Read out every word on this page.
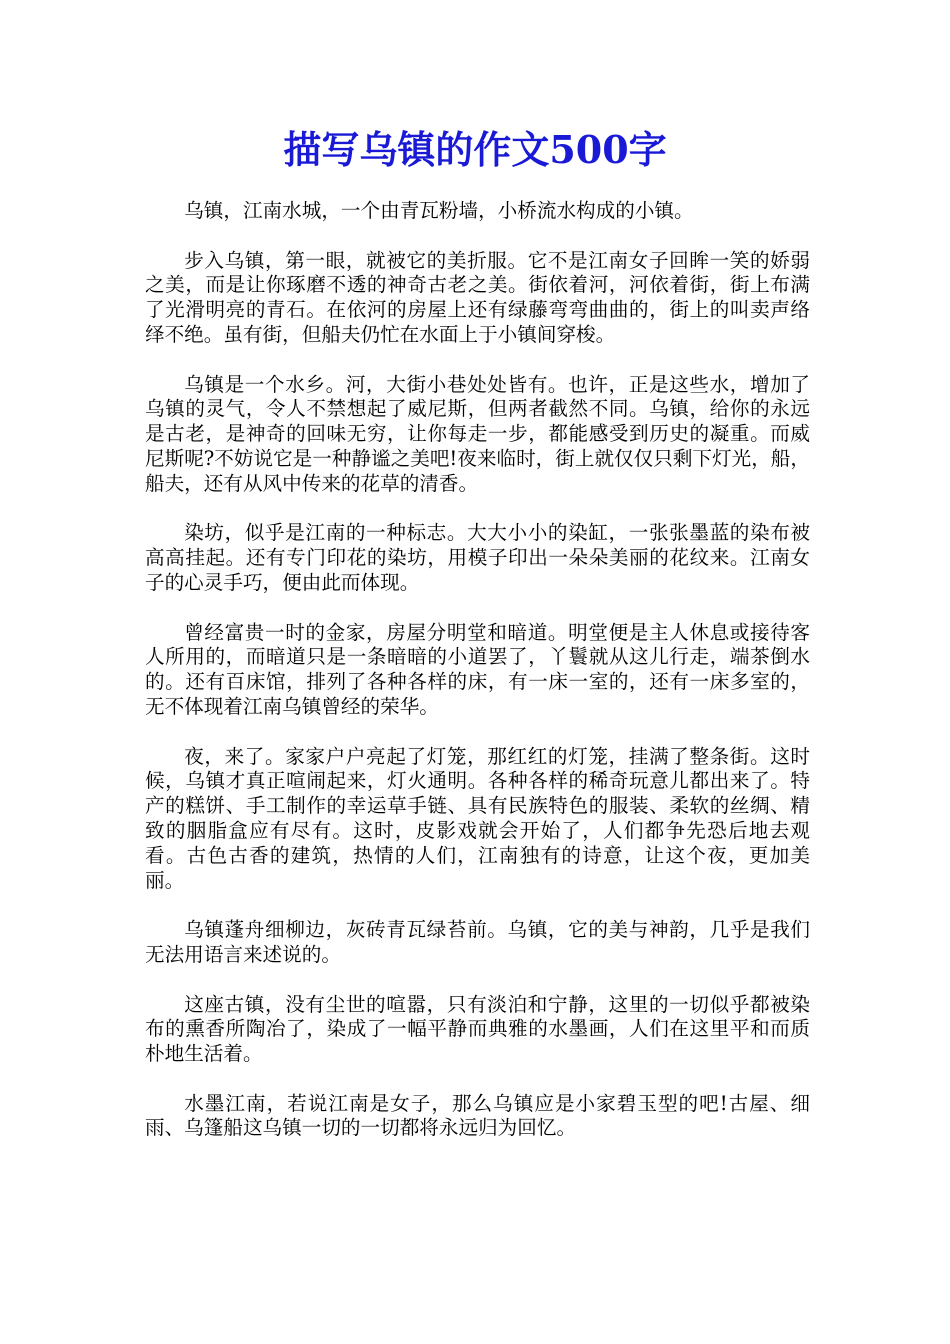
描写乌镇的作文500字

乌镇，江南水城，一个由青瓦粉墙，小桥流水构成的小镇。

步入乌镇，第一眼，就被它的美折服。它不是江南女子回眸一笑的娇弱之美，而是让你琢磨不透的神奇古老之美。街依着河，河依着街，街上布满了光滑明亮的青石。在依河的房屋上还有绿藤弯弯曲曲的，街上的叫卖声络绎不绝。虽有街，但船夫仍忙在水面上于小镇间穿梭。

乌镇是一个水乡。河，大街小巷处处皆有。也许，正是这些水，增加了乌镇的灵气，令人不禁想起了威尼斯，但两者截然不同。乌镇，给你的永远是古老，是神奇的回味无穷，让你每走一步，都能感受到历史的凝重。而威尼斯呢?不妨说它是一种静谧之美吧!夜来临时，街上就仅仅只剩下灯光，船，船夫，还有从风中传来的花草的清香。

染坊，似乎是江南的一种标志。大大小小的染缸，一张张墨蓝的染布被高高挂起。还有专门印花的染坊，用模子印出一朵朵美丽的花纹来。江南女子的心灵手巧，便由此而体现。

曾经富贵一时的金家，房屋分明堂和暗道。明堂便是主人休息或接待客人所用的，而暗道只是一条暗暗的小道罢了，丫鬟就从这儿行走，端茶倒水的。还有百床馆，排列了各种各样的床，有一床一室的，还有一床多室的，无不体现着江南乌镇曾经的荣华。

夜，来了。家家户户亮起了灯笼，那红红的灯笼，挂满了整条街。这时候，乌镇才真正喧闹起来，灯火通明。各种各样的稀奇玩意儿都出来了。特产的糕饼、手工制作的幸运草手链、具有民族特色的服装、柔软的丝绸、精致的胭脂盒应有尽有。这时，皮影戏就会开始了，人们都争先恐后地去观看。古色古香的建筑，热情的人们，江南独有的诗意，让这个夜，更加美丽。

乌镇蓬舟细柳边，灰砖青瓦绿苔前。乌镇，它的美与神韵，几乎是我们无法用语言来述说的。

这座古镇，没有尘世的喧嚣，只有淡泊和宁静，这里的一切似乎都被染布的熏香所陶冶了，染成了一幅平静而典雅的水墨画，人们在这里平和而质朴地生活着。

水墨江南，若说江南是女子，那么乌镇应是小家碧玉型的吧!古屋、细雨、乌篷船这乌镇一切的一切都将永远归为回忆。
